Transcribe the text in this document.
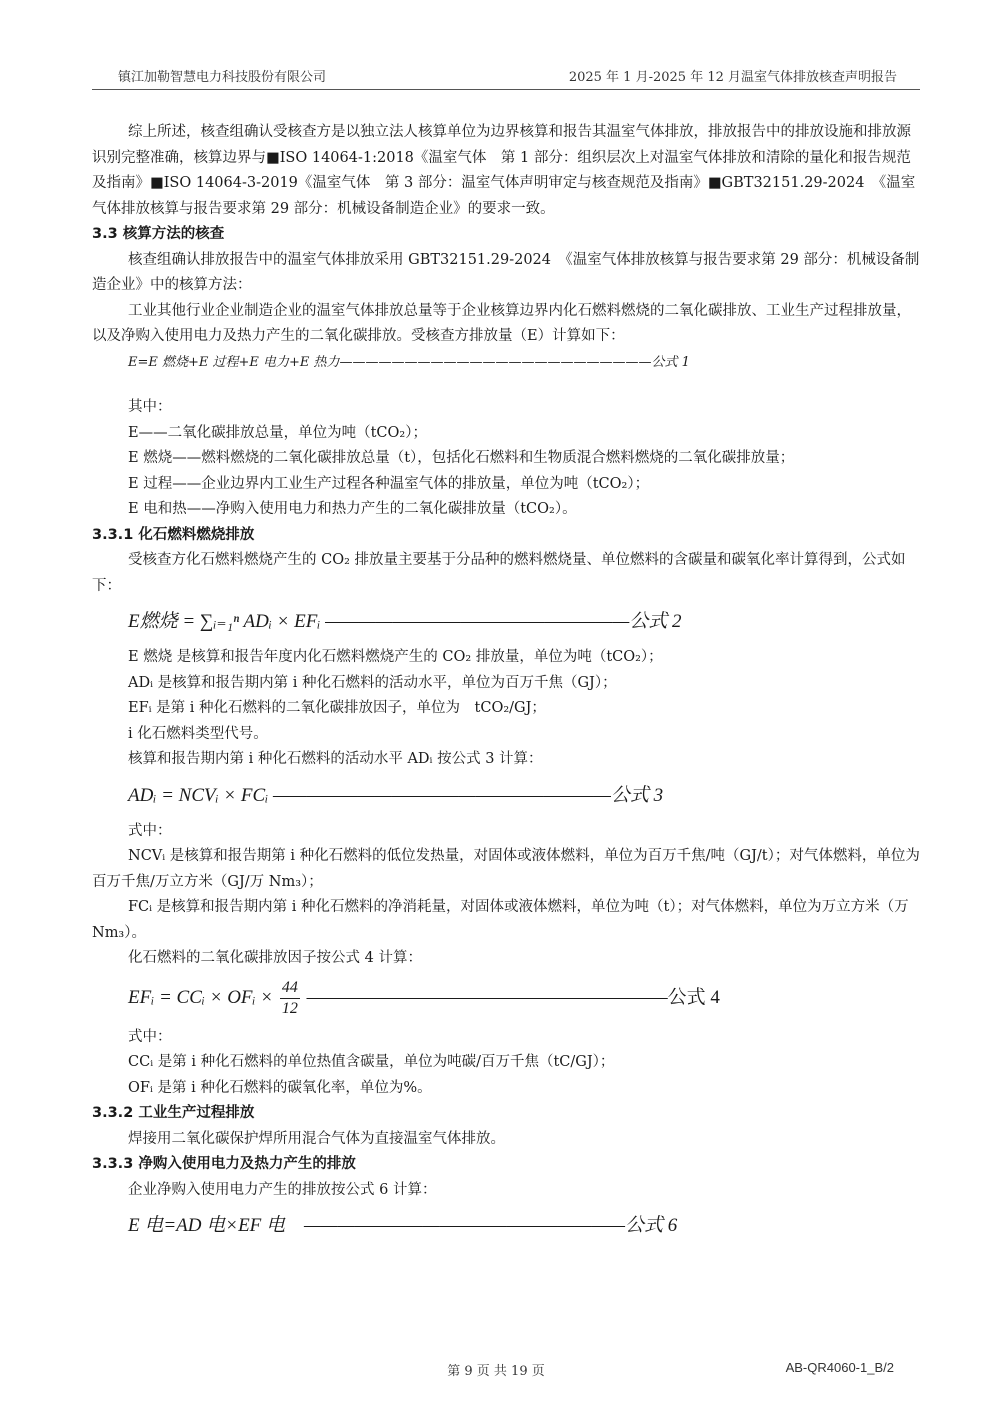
镇江加勒智慧电力科技股份有限公司	2025 年 1 月-2025 年 12 月温室气体排放核查声明报告

综上所述，核查组确认受核查方是以独立法人核算单位为边界核算和报告其温室气体排放，排放报告中的排放设施和排放源识别完整准确，核算边界与■ISO 14064-1:2018《温室气体　第 1 部分：组织层次上对温室气体排放和清除的量化和报告规范及指南》■ISO 14064-3-2019《温室气体　第 3 部分：温室气体声明审定与核查规范及指南》■GBT32151.29-2024　《温室气体排放核算与报告要求第 29 部分：机械设备制造企业》的要求一致。

3.3 核算方法的核查

核查组确认排放报告中的温室气体排放采用 GBT32151.29-2024　《温室气体排放核算与报告要求第 29 部分：机械设备制造企业》中的核算方法：

工业其他行业企业制造企业的温室气体排放总量等于企业核算边界内化石燃料燃烧的二氧化碳排放、工业生产过程排放量，以及净购入使用电力及热力产生的二氧化碳排放。受核查方排放量（E）计算如下：

E=E 燃烧+E 过程+E 电力+E 热力————————————————————————公式 1

其中：

E——二氧化碳排放总量，单位为吨（tCO₂）；

E 燃烧——燃料燃烧的二氧化碳排放总量（t），包括化石燃料和生物质混合燃料燃烧的二氧化碳排放量；

E 过程——企业边界内工业生产过程各种温室气体的排放量，单位为吨（tCO₂）；

E 电和热——净购入使用电力和热力产生的二氧化碳排放量（tCO₂）。

3.3.1 化石燃料燃烧排放

受核查方化石燃料燃烧产生的 CO₂ 排放量主要基于分品种的燃料燃烧量、单位燃料的含碳量和碳氧化率计算得到，公式如下：

E燃烧 = ∑ᵢ₌₁ⁿ ADᵢ × EFᵢ ——————————————————公式 2

E 燃烧 是核算和报告年度内化石燃料燃烧产生的 CO₂ 排放量，单位为吨（tCO₂）；

ADᵢ 是核算和报告期内第 i 种化石燃料的活动水平，单位为百万千焦（GJ）；

EFᵢ 是第 i 种化石燃料的二氧化碳排放因子，单位为　tCO₂/GJ；

i 化石燃料类型代号。

核算和报告期内第 i 种化石燃料的活动水平 ADᵢ 按公式 3 计算：

ADᵢ = NCVᵢ × FCᵢ ————————————————————公式 3

式中：

NCVᵢ 是核算和报告期第 i 种化石燃料的低位发热量，对固体或液体燃料，单位为百万千焦/吨（GJ/t）；对气体燃料，单位为百万千焦/万立方米（GJ/万 Nm₃）；

FCᵢ 是核算和报告期内第 i 种化石燃料的净消耗量，对固体或液体燃料，单位为吨（t）；对气体燃料，单位为万立方米（万 Nm₃）。

化石燃料的二氧化碳排放因子按公式 4 计算：

EFᵢ = CCᵢ × OFᵢ × $\frac{44}{12}$ ———————————————————公式 4

式中：

CCᵢ 是第 i 种化石燃料的单位热值含碳量，单位为吨碳/百万千焦（tC/GJ）；

OFᵢ 是第 i 种化石燃料的碳氧化率，单位为%。

3.3.2 工业生产过程排放

焊接用二氧化碳保护焊所用混合气体为直接温室气体排放。

3.3.3 净购入使用电力及热力产生的排放

企业净购入使用电力产生的排放按公式 6 计算：

E 电=AD 电×EF 电　———————————————————公式 6

第 9 页 共 19 页	AB-QR4060-1_B/2
